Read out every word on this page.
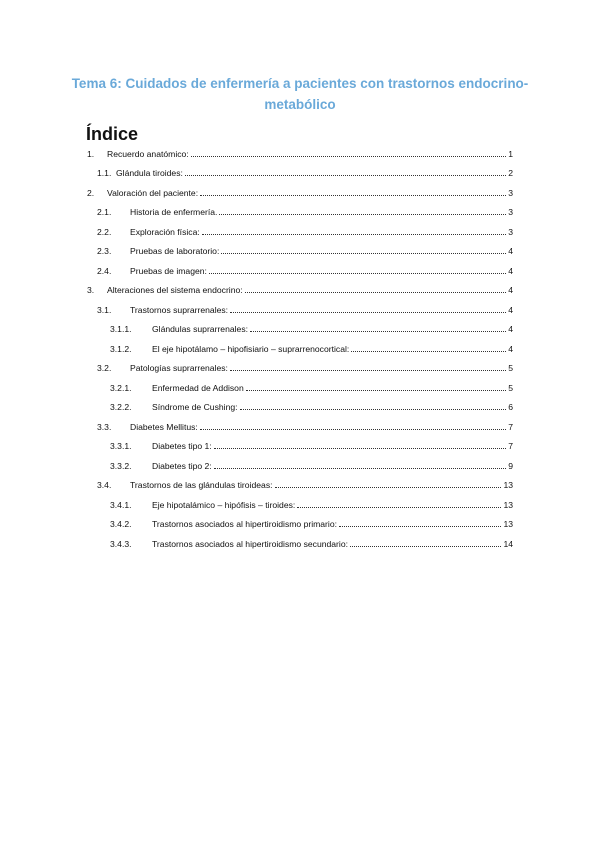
Tema 6: Cuidados de enfermería a pacientes con trastornos endocrino-metabólico
Índice
1. Recuerdo anatómico:	1
1.1. Glándula tiroides:	2
2. Valoración del paciente:	3
2.1. Historia de enfermería.	3
2.2. Exploración física:	3
2.3. Pruebas de laboratorio:	4
2.4. Pruebas de imagen:	4
3. Alteraciones del sistema endocrino:	4
3.1. Trastornos suprarrenales:	4
3.1.1. Glándulas suprarrenales:	4
3.1.2. El eje hipotálamo – hipofisiario – suprarrenocortical:	4
3.2. Patologías suprarrenales:	5
3.2.1. Enfermedad de Addison	5
3.2.2. Síndrome de Cushing:	6
3.3. Diabetes Mellitus:	7
3.3.1. Diabetes tipo 1:	7
3.3.2. Diabetes tipo 2:	9
3.4. Trastornos de las glándulas tiroideas:	13
3.4.1. Eje hipotalámico – hipófisis – tiroides:	13
3.4.2. Trastornos asociados al hipertiroidismo primario:	13
3.4.3. Trastornos asociados al hipertiroidismo secundario:	14
